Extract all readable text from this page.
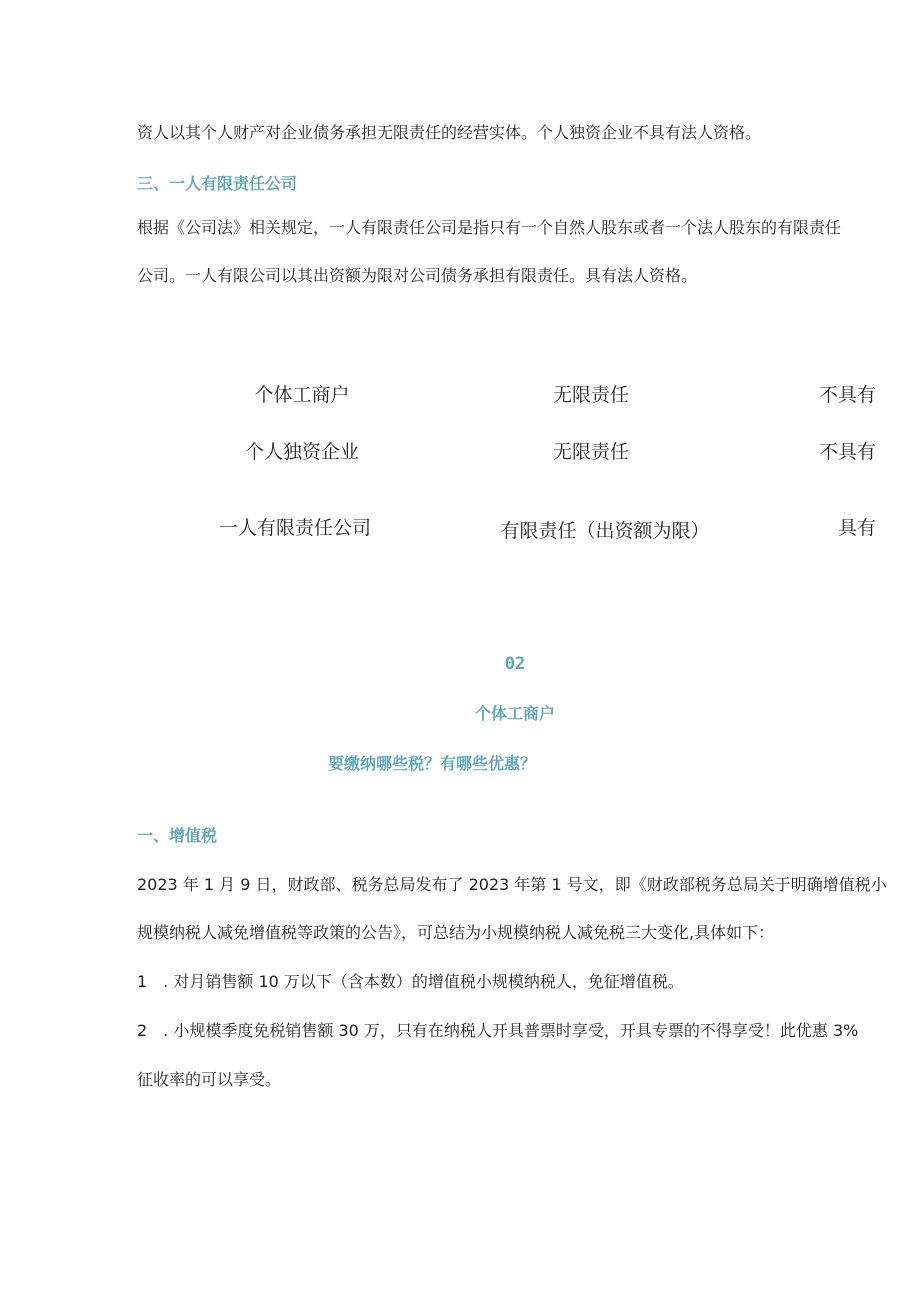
资人以其个人财产对企业债务承担无限责任的经营实体。个人独资企业不具有法人资格。

三、一人有限责任公司

根据《公司法》相关规定，一人有限责任公司是指只有一个自然人股东或者一个法人股东的有限责任

公司。一人有限公司以其出资额为限对公司债务承担有限责任。具有法人资格。

个体工商户	无限责任	不具有
个人独资企业	无限责任	不具有
一人有限责任公司	有限责任（出资额为限）	具有
02
个体工商户
要缴纳哪些税？有哪些优惠？

一、增值税

2023 年 1 月 9 日，财政部、税务总局发布了 2023 年第 1 号文，即《财政部税务总局关于明确增值税小

规模纳税人减免增值税等政策的公告》，可总结为小规模纳税人减免税三大变化,具体如下：

1　. 对月销售额 10 万以下（含本数）的增值税小规模纳税人，免征增值税。

2　. 小规模季度免税销售额 30 万，只有在纳税人开具普票时享受，开具专票的不得享受！此优惠 3%

征收率的可以享受。
